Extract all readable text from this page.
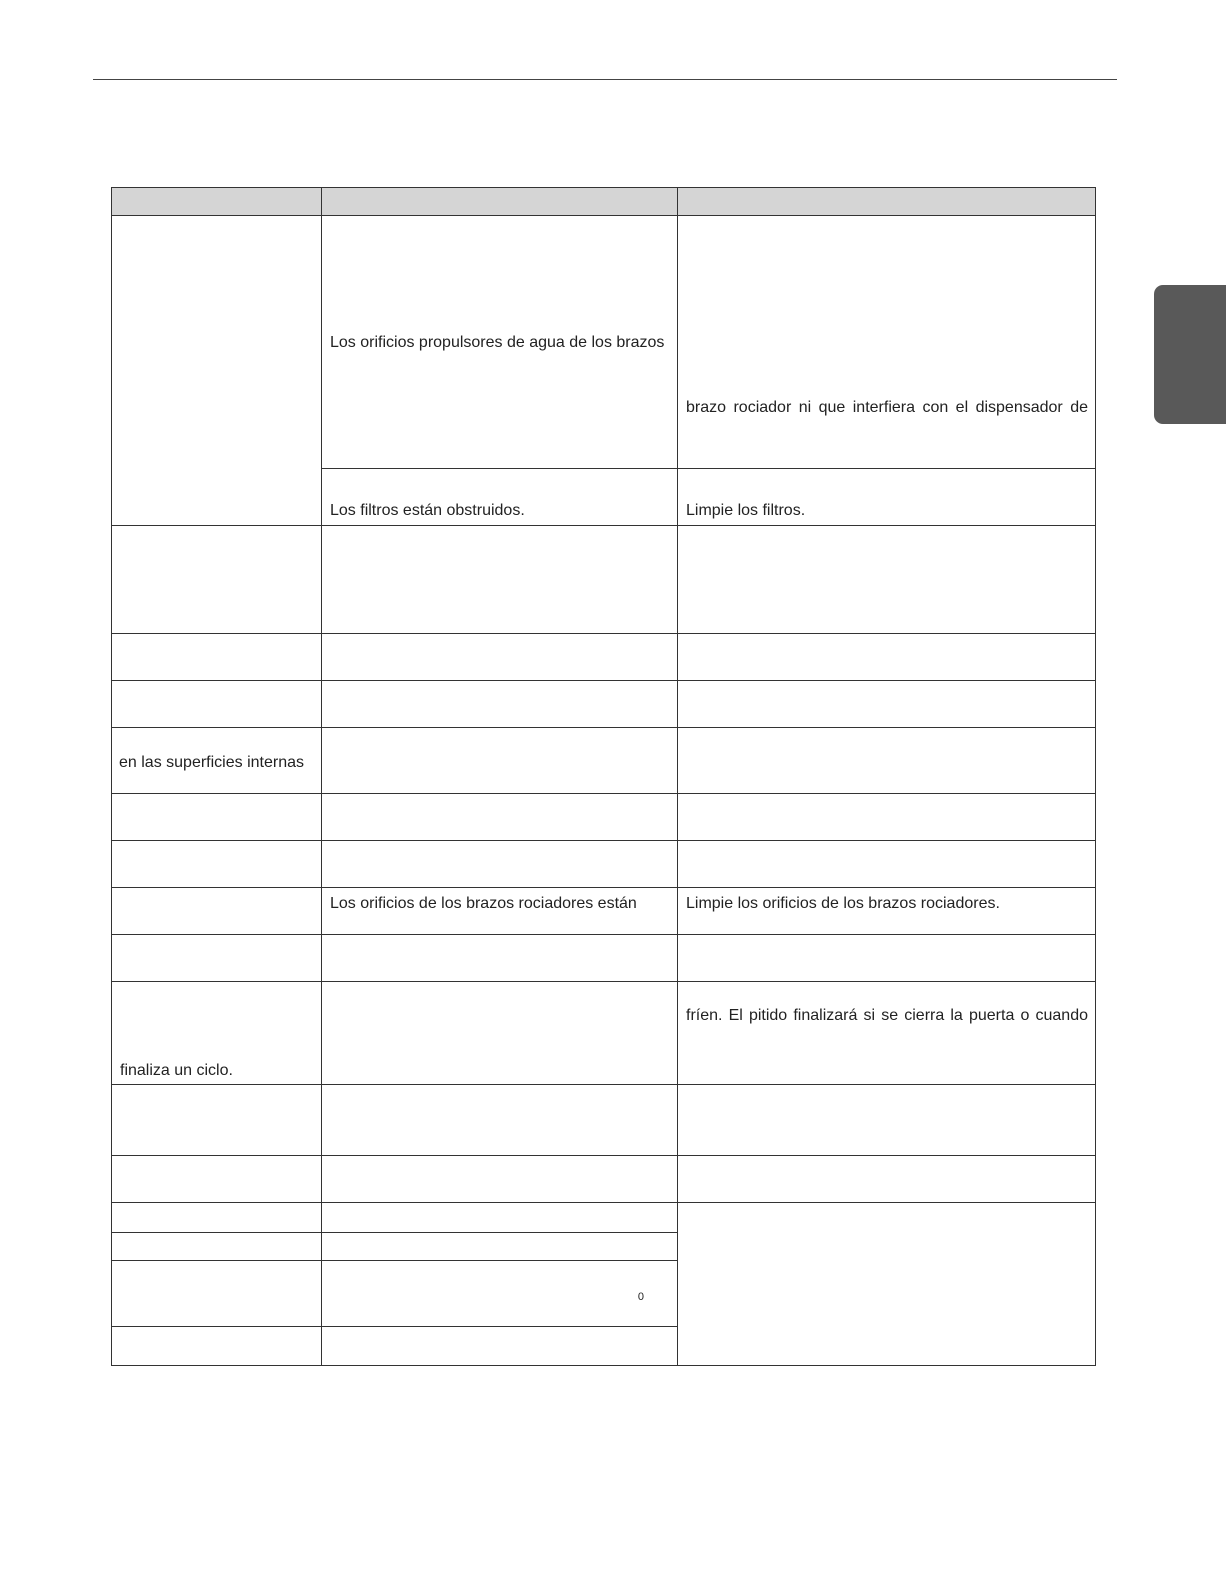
	Los orificios propulsores de agua de los brazos	brazo rociador ni que interfiera con el dispensador de
	Los filtros están obstruidos.	Limpie los filtros.

en las superficies internas		

	Los orificios de los brazos rociadores están	Limpie los orificios de los brazos rociadores.

finaliza un ciclo.		fríen. El pitido finalizará si se cierra la puerta o cuando

	0	
